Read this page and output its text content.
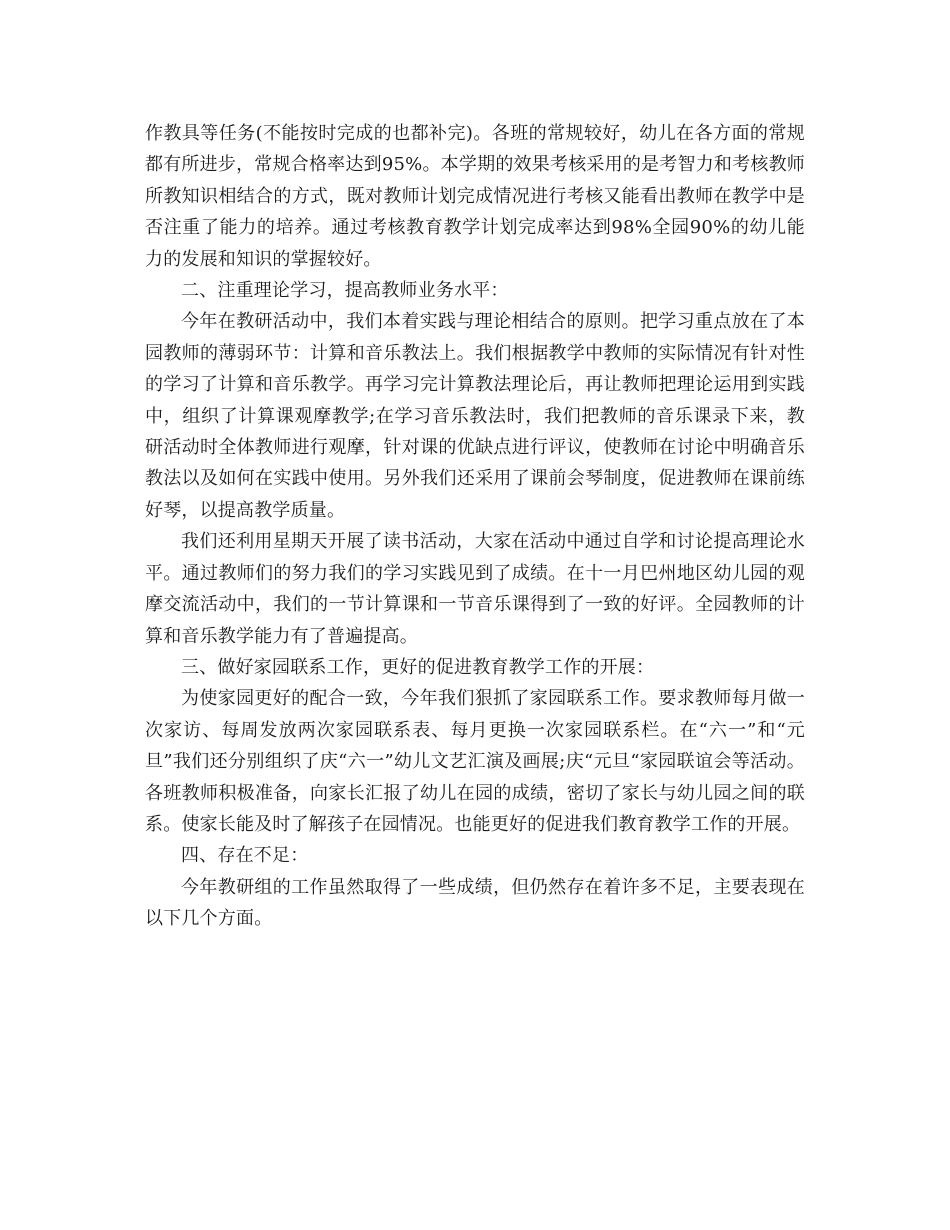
作教具等任务(不能按时完成的也都补完)。各班的常规较好，幼儿在各方面的常规都有所进步，常规合格率达到95%。本学期的效果考核采用的是考智力和考核教师所教知识相结合的方式，既对教师计划完成情况进行考核又能看出教师在教学中是否注重了能力的培养。通过考核教育教学计划完成率达到98%全园90%的幼儿能力的发展和知识的掌握较好。

二、注重理论学习，提高教师业务水平：

今年在教研活动中，我们本着实践与理论相结合的原则。把学习重点放在了本园教师的薄弱环节：计算和音乐教法上。我们根据教学中教师的实际情况有针对性的学习了计算和音乐教学。再学习完计算教法理论后，再让教师把理论运用到实践中，组织了计算课观摩教学;在学习音乐教法时，我们把教师的音乐课录下来，教研活动时全体教师进行观摩，针对课的优缺点进行评议，使教师在讨论中明确音乐教法以及如何在实践中使用。另外我们还采用了课前会琴制度，促进教师在课前练好琴，以提高教学质量。

我们还利用星期天开展了读书活动，大家在活动中通过自学和讨论提高理论水平。通过教师们的努力我们的学习实践见到了成绩。在十一月巴州地区幼儿园的观摩交流活动中，我们的一节计算课和一节音乐课得到了一致的好评。全园教师的计算和音乐教学能力有了普遍提高。

三、做好家园联系工作，更好的促进教育教学工作的开展：

为使家园更好的配合一致，今年我们狠抓了家园联系工作。要求教师每月做一次家访、每周发放两次家园联系表、每月更换一次家园联系栏。在“六一”和“元旦”我们还分别组织了庆“六一”幼儿文艺汇演及画展;庆“元旦“家园联谊会等活动。各班教师积极准备，向家长汇报了幼儿在园的成绩，密切了家长与幼儿园之间的联系。使家长能及时了解孩子在园情况。也能更好的促进我们教育教学工作的开展。

四、存在不足：

今年教研组的工作虽然取得了一些成绩，但仍然存在着许多不足，主要表现在以下几个方面。
